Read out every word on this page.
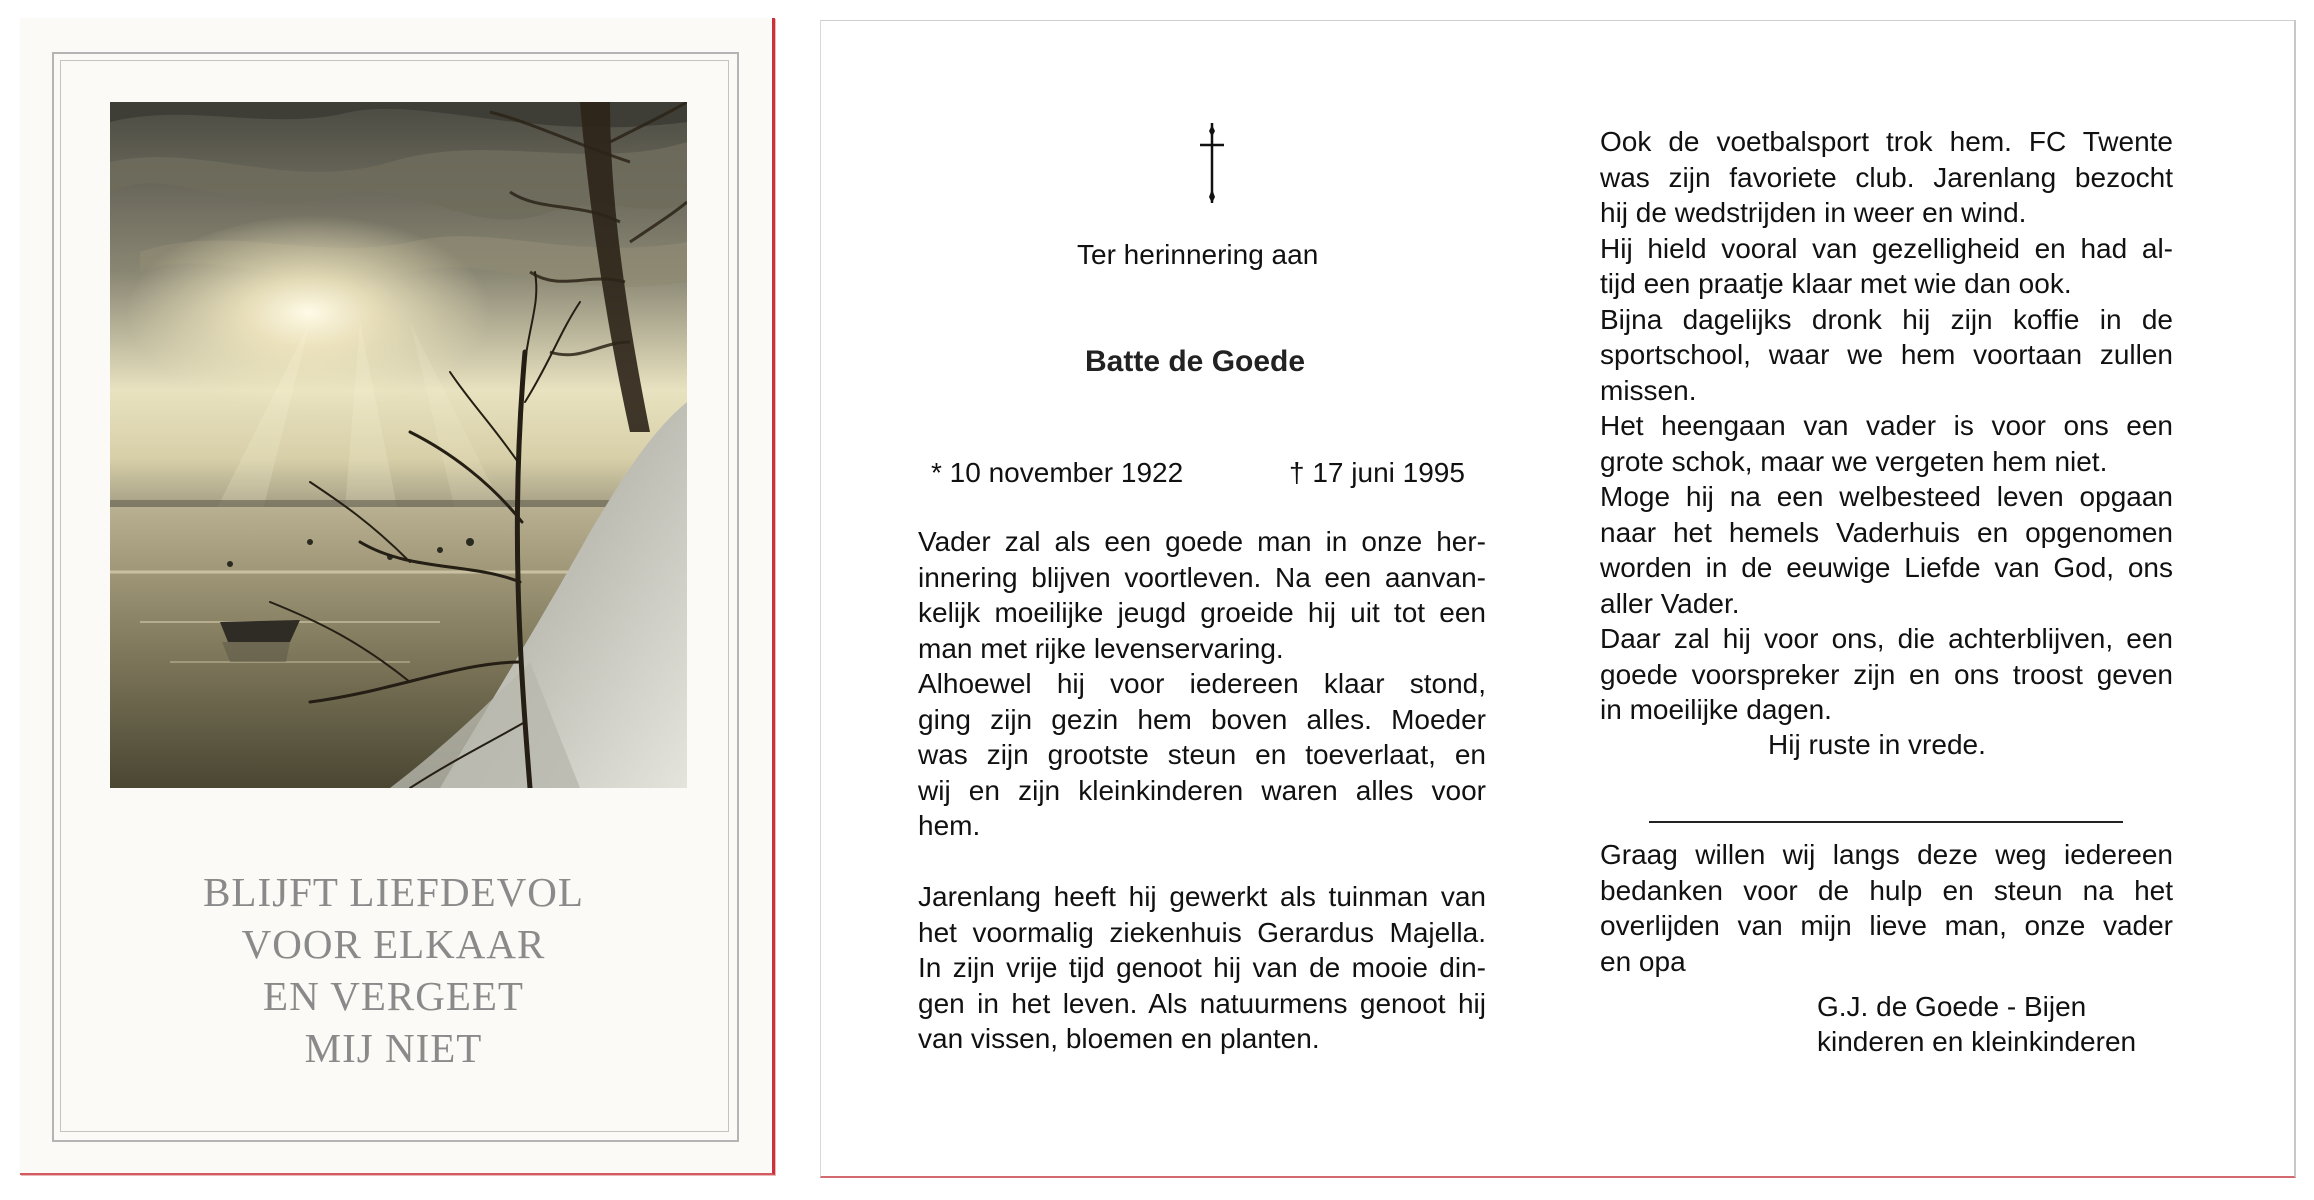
BLIJFT LIEFDEVOL
VOOR ELKAAR
EN VERGEET
MIJ NIET
Ter herinnering aan
Batte de Goede
* 10 november 1922	† 17 juni 1995
Vader zal als een goede man in onze her-
innering blijven voortleven. Na een aanvan-
kelijk moeilijke jeugd groeide hij uit tot een
man met rijke levenservaring.
Alhoewel hij voor iedereen klaar stond,
ging zijn gezin hem boven alles. Moeder
was zijn grootste steun en toeverlaat, en
wij en zijn kleinkinderen waren alles voor
hem.
Jarenlang heeft hij gewerkt als tuinman van
het voormalig ziekenhuis Gerardus Majella.
In zijn vrije tijd genoot hij van de mooie din-
gen in het leven. Als natuurmens genoot hij
van vissen, bloemen en planten.
Ook de voetbalsport trok hem. FC Twente
was zijn favoriete club. Jarenlang bezocht
hij de wedstrijden in weer en wind.
Hij hield vooral van gezelligheid en had al-
tijd een praatje klaar met wie dan ook.
Bijna dagelijks dronk hij zijn koffie in de
sportschool, waar we hem voortaan zullen
missen.
Het heengaan van vader is voor ons een
grote schok, maar we vergeten hem niet.
Moge hij na een welbesteed leven opgaan
naar het hemels Vaderhuis en opgenomen
worden in de eeuwige Liefde van God, ons
aller Vader.
Daar zal hij voor ons, die achterblijven, een
goede voorspreker zijn en ons troost geven
in moeilijke dagen.
Hij ruste in vrede.
Graag willen wij langs deze weg iedereen
bedanken voor de hulp en steun na het
overlijden van mijn lieve man, onze vader
en opa
G.J. de Goede - Bijen
kinderen en kleinkinderen
